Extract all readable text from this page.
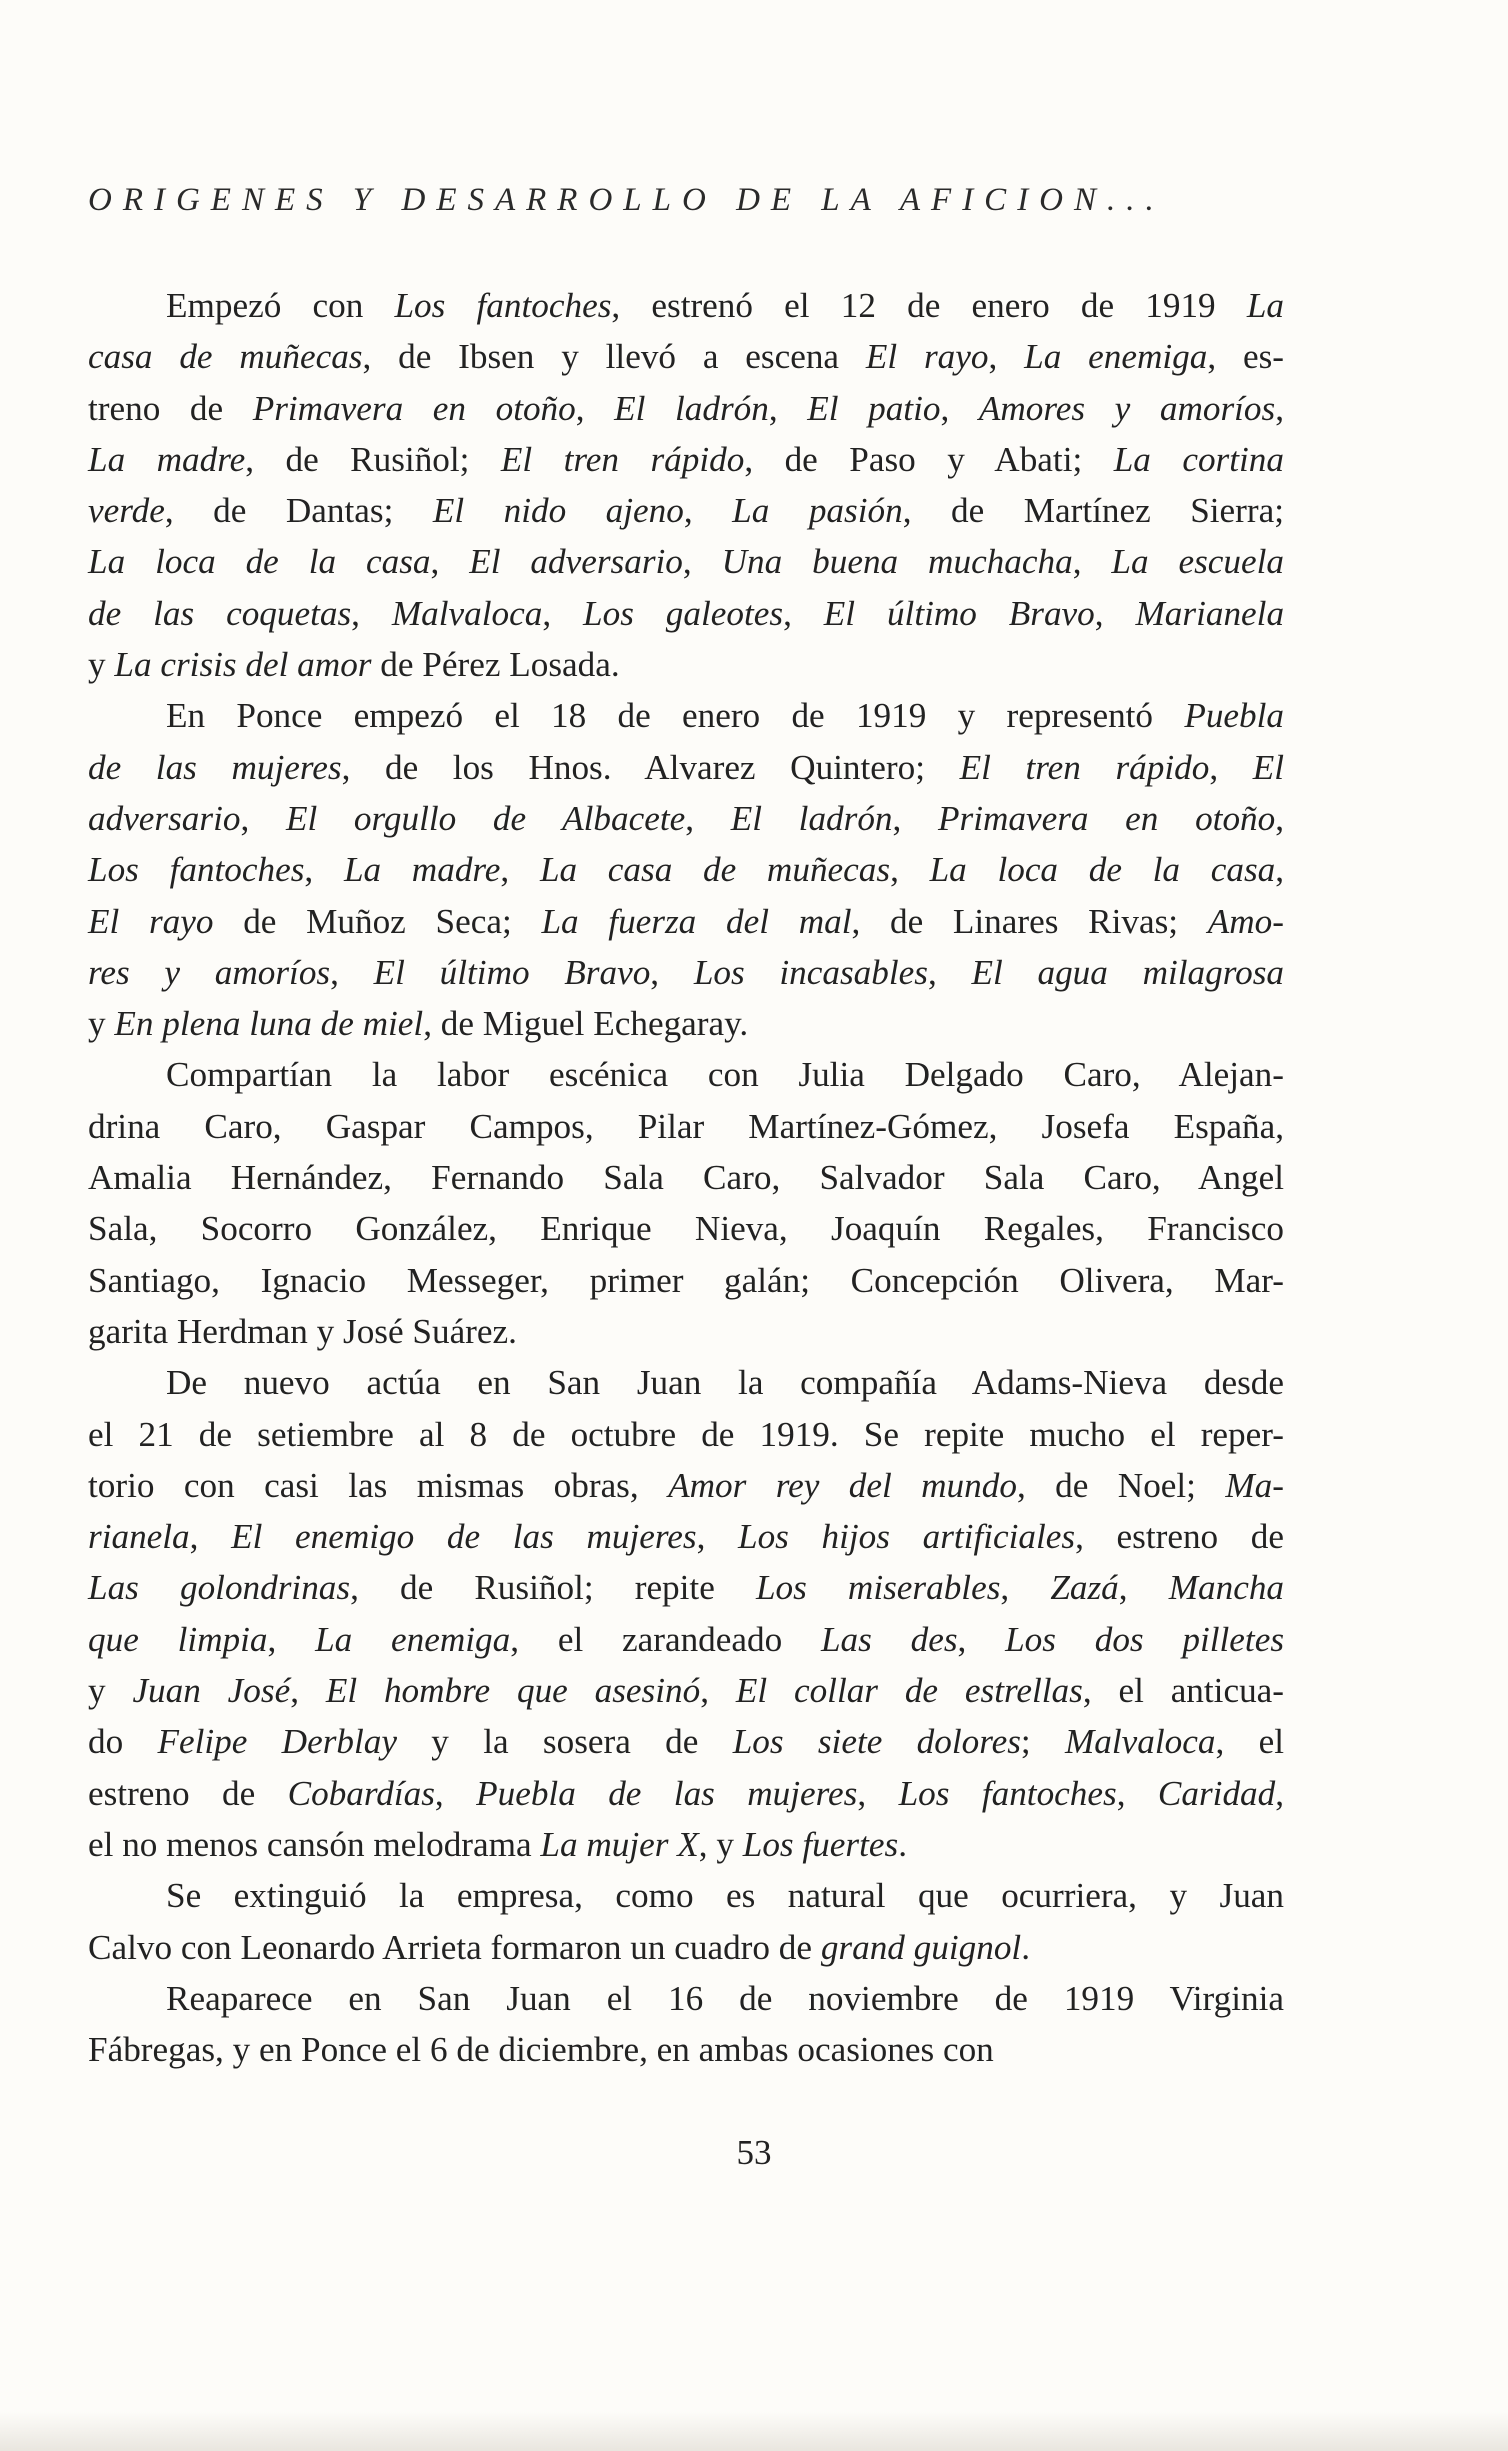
ORIGENES Y DESARROLLO DE LA AFICION...

Empezó con Los fantoches, estrenó el 12 de enero de 1919 La
casa de muñecas, de Ibsen y llevó a escena El rayo, La enemiga, es-
treno de Primavera en otoño, El ladrón, El patio, Amores y amoríos,
La madre, de Rusiñol; El tren rápido, de Paso y Abati; La cortina
verde, de Dantas; El nido ajeno, La pasión, de Martínez Sierra;
La loca de la casa, El adversario, Una buena muchacha, La escuela
de las coquetas, Malvaloca, Los galeotes, El último Bravo, Marianela
y La crisis del amor de Pérez Losada.

En Ponce empezó el 18 de enero de 1919 y representó Puebla
de las mujeres, de los Hnos. Alvarez Quintero; El tren rápido, El
adversario, El orgullo de Albacete, El ladrón, Primavera en otoño,
Los fantoches, La madre, La casa de muñecas, La loca de la casa,
El rayo de Muñoz Seca; La fuerza del mal, de Linares Rivas; Amo-
res y amoríos, El último Bravo, Los incasables, El agua milagrosa
y En plena luna de miel, de Miguel Echegaray.

Compartían la labor escénica con Julia Delgado Caro, Alejan-
drina Caro, Gaspar Campos, Pilar Martínez-Gómez, Josefa España,
Amalia Hernández, Fernando Sala Caro, Salvador Sala Caro, Angel
Sala, Socorro González, Enrique Nieva, Joaquín Regales, Francisco
Santiago, Ignacio Messeger, primer galán; Concepción Olivera, Mar-
garita Herdman y José Suárez.

De nuevo actúa en San Juan la compañía Adams-Nieva desde
el 21 de setiembre al 8 de octubre de 1919. Se repite mucho el reper-
torio con casi las mismas obras, Amor rey del mundo, de Noel; Ma-
rianela, El enemigo de las mujeres, Los hijos artificiales, estreno de
Las golondrinas, de Rusiñol; repite Los miserables, Zazá, Mancha
que limpia, La enemiga, el zarandeado Las des, Los dos pilletes
y Juan José, El hombre que asesinó, El collar de estrellas, el anticua-
do Felipe Derblay y la sosera de Los siete dolores; Malvaloca, el
estreno de Cobardías, Puebla de las mujeres, Los fantoches, Caridad,
el no menos cansón melodrama La mujer X, y Los fuertes.

Se extinguió la empresa, como es natural que ocurriera, y Juan
Calvo con Leonardo Arrieta formaron un cuadro de grand guignol.

Reaparece en San Juan el 16 de noviembre de 1919 Virginia
Fábregas, y en Ponce el 6 de diciembre, en ambas ocasiones con

53
